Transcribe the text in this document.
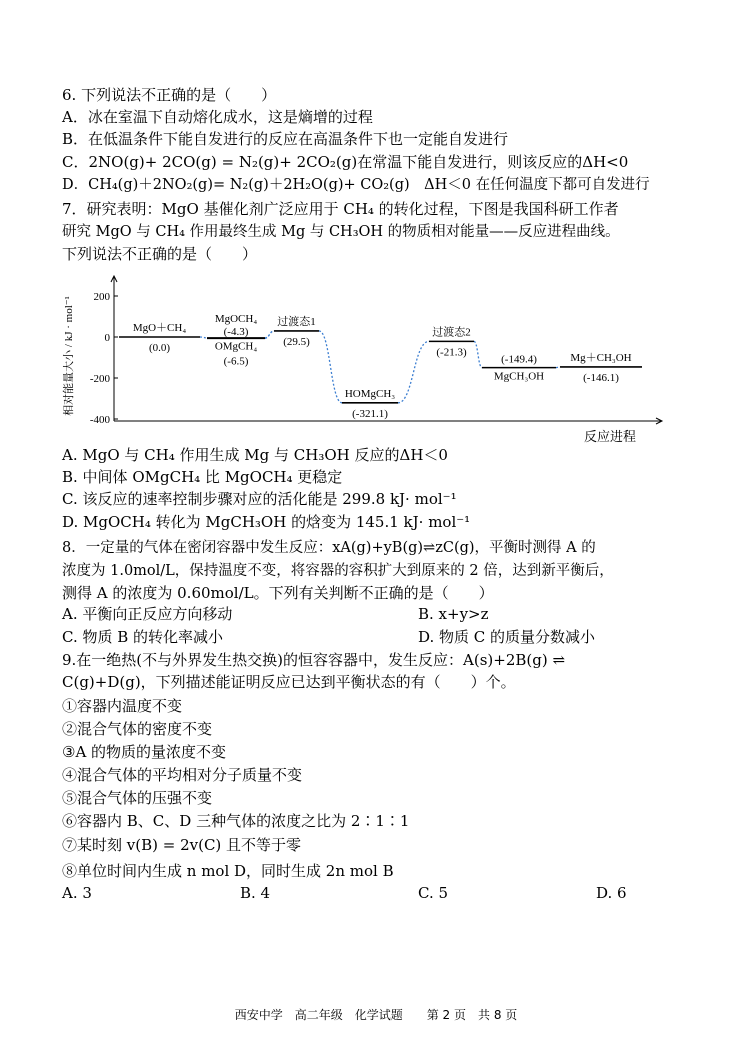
6. 下列说法不正确的是（　　）
A．冰在室温下自动熔化成水，这是熵增的过程
B．在低温条件下能自发进行的反应在高温条件下也一定能自发进行
C．2NO(g)+ 2CO(g) = N₂(g)+ 2CO₂(g)在常温下能自发进行，则该反应的ΔH<0
D．CH₄(g)＋2NO₂(g)= N₂(g)＋2H₂O(g)+ CO₂(g)　ΔH＜0 在任何温度下都可自发进行
7．研究表明：MgO 基催化剂广泛应用于 CH₄ 的转化过程，下图是我国科研工作者
研究 MgO 与 CH₄ 作用最终生成 Mg 与 CH₃OH 的物质相对能量——反应进程曲线。
下列说法不正确的是（　　）
相对能量大小 / kJ · mol⁻¹
反应进程
200
0
-200
-400
MgO＋CH₄
(0.0)
MgOCH₄
(-4.3)
OMgCH₄
(-6.5)
过渡态1
(29.5)
HOMgCH₃
(-321.1)
过渡态2
(-21.3)
MgCH₃OH
(-149.4)	Mg＋CH₃OH
(-146.1)
A. MgO 与 CH₄ 作用生成 Mg 与 CH₃OH 反应的ΔH＜0
B. 中间体 OMgCH₄ 比 MgOCH₄ 更稳定
C. 该反应的速率控制步骤对应的活化能是 299.8 kJ· mol⁻¹
D. MgOCH₄ 转化为 MgCH₃OH 的焓变为 145.1 kJ· mol⁻¹
8．一定量的气体在密闭容器中发生反应：xA(g)+yB(g)⇌zC(g)，平衡时测得 A 的
浓度为 1.0mol/L，保持温度不变，将容器的容积扩大到原来的 2 倍，达到新平衡后，
测得 A 的浓度为 0.60mol/L。下列有关判断不正确的是（　　）
A. 平衡向正反应方向移动	B. x+y>z
C. 物质 B 的转化率减小	D. 物质 C 的质量分数减小
9.在一绝热(不与外界发生热交换)的恒容容器中，发生反应：A(s)+2B(g) ⇌
C(g)+D(g)，下列描述能证明反应已达到平衡状态的有（　　）个。
①容器内温度不变
②混合气体的密度不变
③A 的物质的量浓度不变
④混合气体的平均相对分子质量不变
⑤混合气体的压强不变
⑥容器内 B、C、D 三种气体的浓度之比为 2∶1∶1
⑦某时刻 v(B) = 2v(C) 且不等于零
⑧单位时间内生成 n mol D，同时生成 2n mol B
A. 3	B. 4	C. 5	D. 6
西安中学　高二年级　化学试题　　第 2 页　共 8 页
